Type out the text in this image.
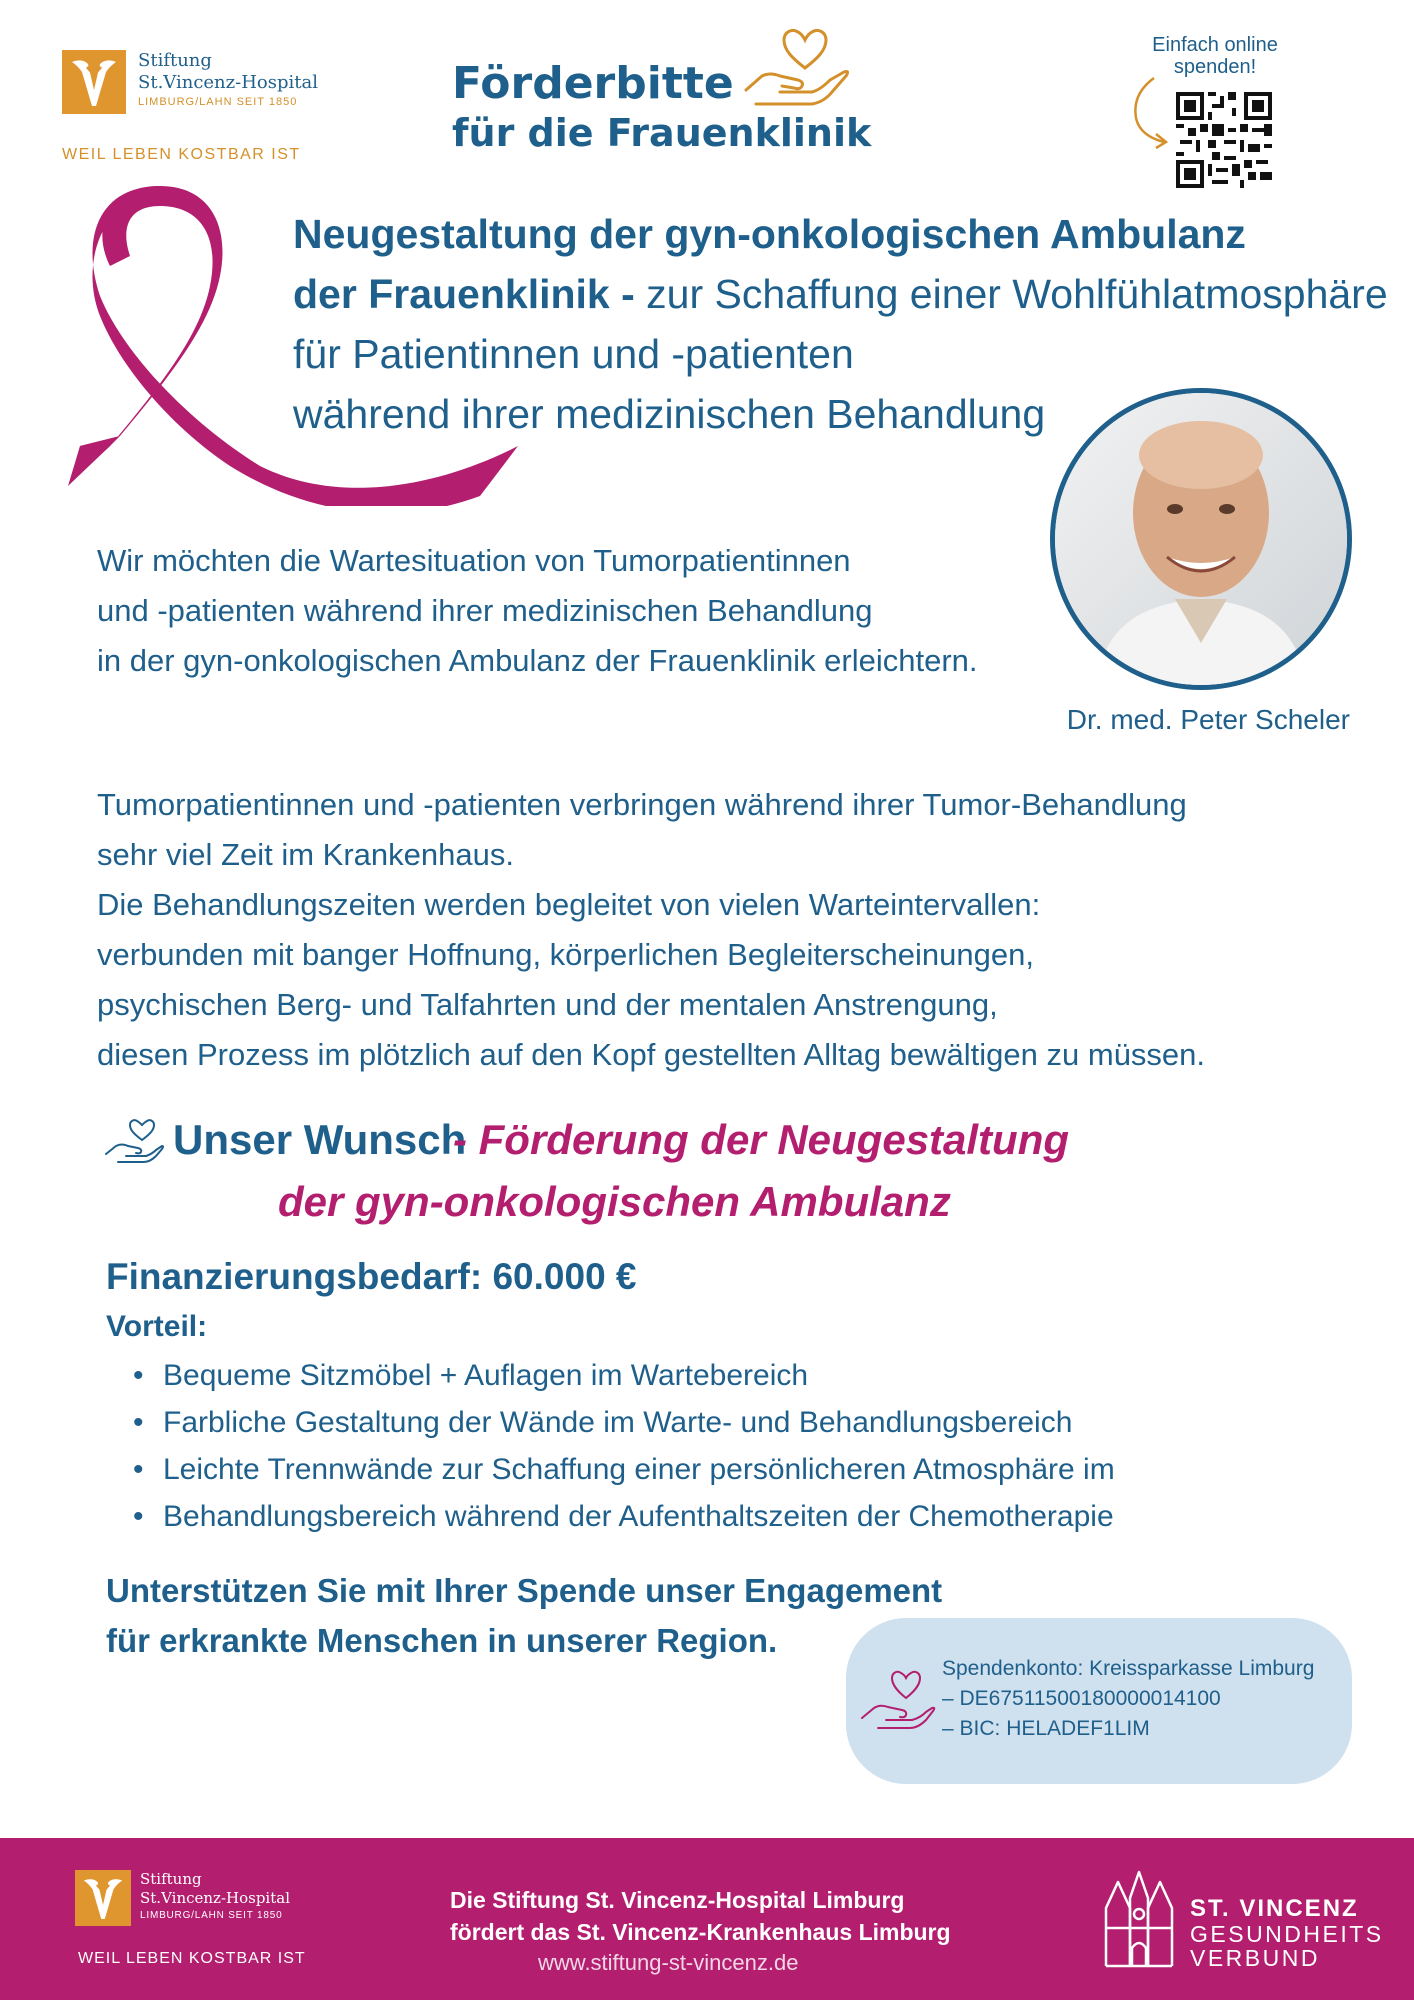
Stiftung
St.Vincenz-Hospital
LIMBURG/LAHN SEIT 1850
WEIL LEBEN KOSTBAR IST
Förderbitte
für die Frauenklinik
Einfach online
spenden!
Neugestaltung der gyn-onkologischen Ambulanz
der Frauenklinik - zur Schaffung einer Wohlfühlatmosphäre
für Patientinnen und -patienten
während ihrer medizinischen Behandlung
Dr. med. Peter Scheler
Wir möchten die Wartesituation von Tumorpatientinnen
und -patienten während ihrer medizinischen Behandlung
in der gyn-onkologischen Ambulanz der Frauenklinik erleichtern.
Tumorpatientinnen und -patienten verbringen während ihrer Tumor-Behandlung
sehr viel Zeit im Krankenhaus.
Die Behandlungszeiten werden begleitet von vielen Warteintervallen:
verbunden mit banger Hoffnung, körperlichen Begleiterscheinungen,
psychischen Berg- und Talfahrten und der mentalen Anstrengung,
diesen Prozess im plötzlich auf den Kopf gestellten Alltag bewältigen zu müssen.
Unser Wunsch
- Förderung der Neugestaltung
der gyn-onkologischen Ambulanz
Finanzierungsbedarf: 60.000 €
Vorteil:
• Bequeme Sitzmöbel + Auflagen im Wartebereich
• Farbliche Gestaltung der Wände im Warte- und Behandlungsbereich
• Leichte Trennwände zur Schaffung einer persönlicheren Atmosphäre im
• Behandlungsbereich während der Aufenthaltszeiten der Chemotherapie
Unterstützen Sie mit Ihrer Spende unser Engagement
für erkrankte Menschen in unserer Region.
Spendenkonto: Kreissparkasse Limburg
– DE67511500180000014100
– BIC: HELADEF1LIM
Stiftung
St.Vincenz-Hospital
LIMBURG/LAHN SEIT 1850
WEIL LEBEN KOSTBAR IST
Die Stiftung St. Vincenz-Hospital Limburg
fördert das St. Vincenz-Krankenhaus Limburg
www.stiftung-st-vincenz.de
ST. VINCENZ
GESUNDHEITS
VERBUND
